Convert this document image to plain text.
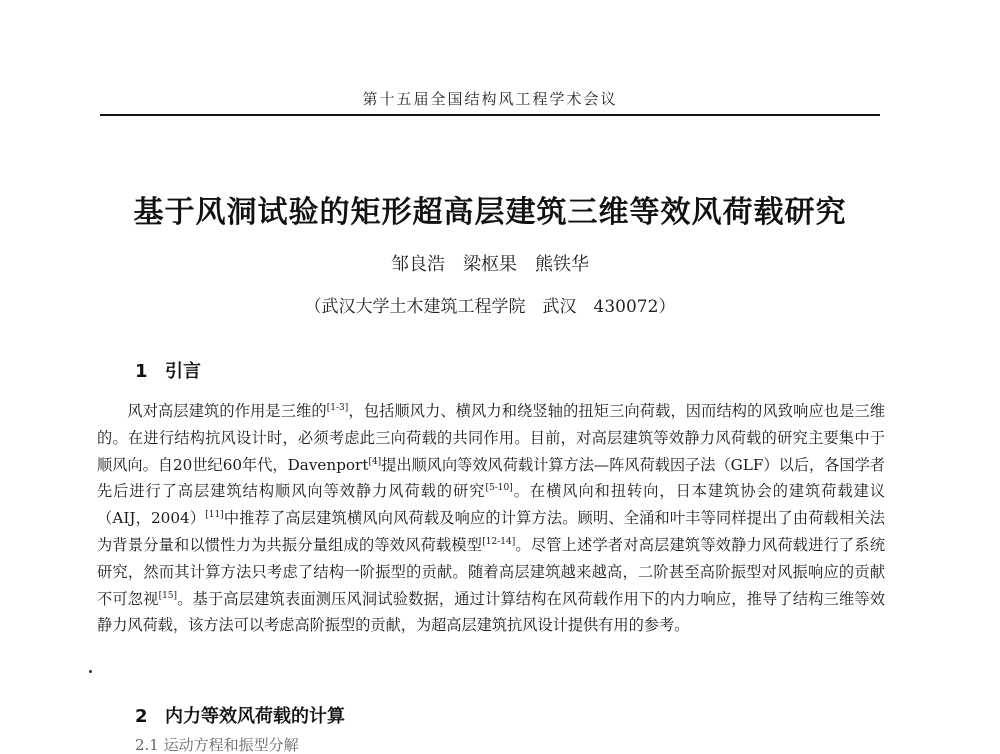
第十五届全国结构风工程学术会议
基于风洞试验的矩形超高层建筑三维等效风荷载研究
邹良浩　梁枢果　熊铁华
（武汉大学土木建筑工程学院　武汉　430072）
1 引言

风对高层建筑的作用是三维的[1-3]，包括顺风力、横风力和绕竖轴的扭矩三向荷载，因而结构的风致响应也是三维的。在进行结构抗风设计时，必须考虑此三向荷载的共同作用。目前，对高层建筑等效静力风荷载的研究主要集中于顺风向。自20世纪60年代，Davenport[4]提出顺风向等效风荷载计算方法—阵风荷载因子法（GLF）以后，各国学者先后进行了高层建筑结构顺风向等效静力风荷载的研究[5-10]。在横风向和扭转向，日本建筑协会的建筑荷载建议（AIJ，2004）[11]中推荐了高层建筑横风向风荷载及响应的计算方法。顾明、全涌和叶丰等同样提出了由荷载相关法为背景分量和以惯性力为共振分量组成的等效风荷载模型[12-14]。尽管上述学者对高层建筑等效静力风荷载进行了系统研究，然而其计算方法只考虑了结构一阶振型的贡献。随着高层建筑越来越高，二阶甚至高阶振型对风振响应的贡献不可忽视[15]。基于高层建筑表面测压风洞试验数据，通过计算结构在风荷载作用下的内力响应，推导了结构三维等效静力风荷载，该方法可以考虑高阶振型的贡献，为超高层建筑抗风设计提供有用的参考。

2 内力等效风荷载的计算
2.1 运动方程和振型分解
